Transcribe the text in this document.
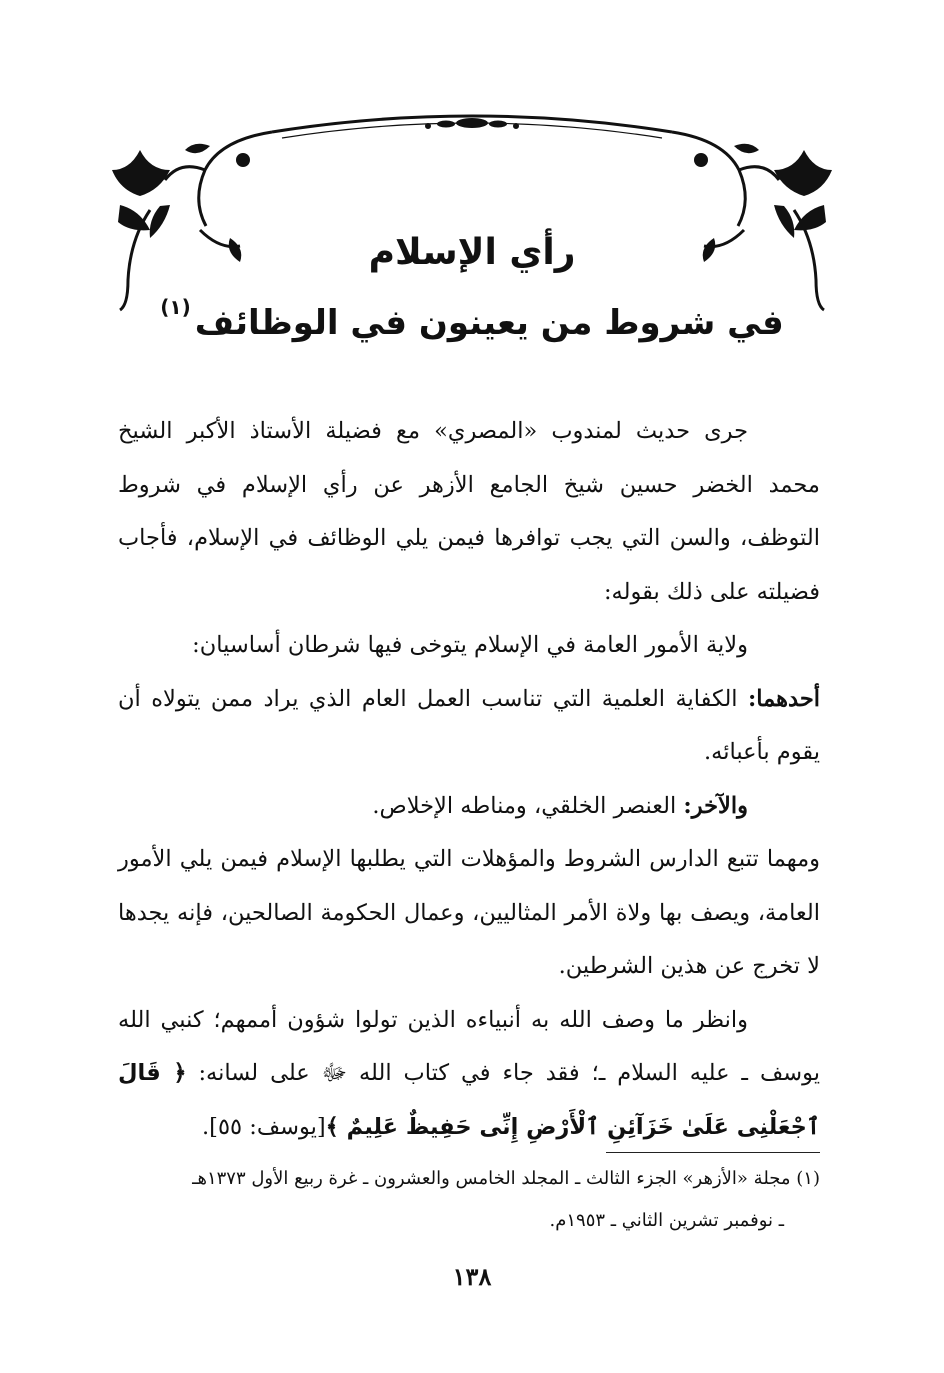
رأي الإسلام

في شروط من يعينون في الوظائف$^{(١)}$

جرى حديث لمندوب «المصري» مع فضيلة الأستاذ الأكبر الشيخ محمد الخضر حسين شيخ الجامع الأزهر عن رأي الإسلام في شروط التوظف، والسن التي يجب توافرها فيمن يلي الوظائف في الإسلام، فأجاب فضيلته على ذلك بقوله:

ولاية الأمور العامة في الإسلام يتوخى فيها شرطان أساسيان:

أحدهما: الكفاية العلمية التي تناسب العمل العام الذي يراد ممن يتولاه أن يقوم بأعبائه.

والآخر: العنصر الخلقي، ومناطه الإخلاص.

ومهما تتبع الدارس الشروط والمؤهلات التي يطلبها الإسلام فيمن يلي الأمور العامة، ويصف بها ولاة الأمر المثاليين، وعمال الحكومة الصالحين، فإنه يجدها لا تخرج عن هذين الشرطين.

وانظر ما وصف الله به أنبياءه الذين تولوا شؤون أممهم؛ كنبي الله يوسف ـ عليه السلام ـ؛ فقد جاء في كتاب الله ﷻ على لسانه: ﴿ قَالَ ٱجْعَلْنِى عَلَىٰ خَزَآئِنِ ٱلْأَرْضِ إِنِّى حَفِيظٌ عَلِيمٌ ﴾[يوسف: ٥٥].

(١) مجلة «الأزهر» الجزء الثالث ـ المجلد الخامس والعشرون ـ غرة ربيع الأول ١٣٧٣هـ

ـ نوفمبر تشرين الثاني ـ ١٩٥٣م.

١٣٨
